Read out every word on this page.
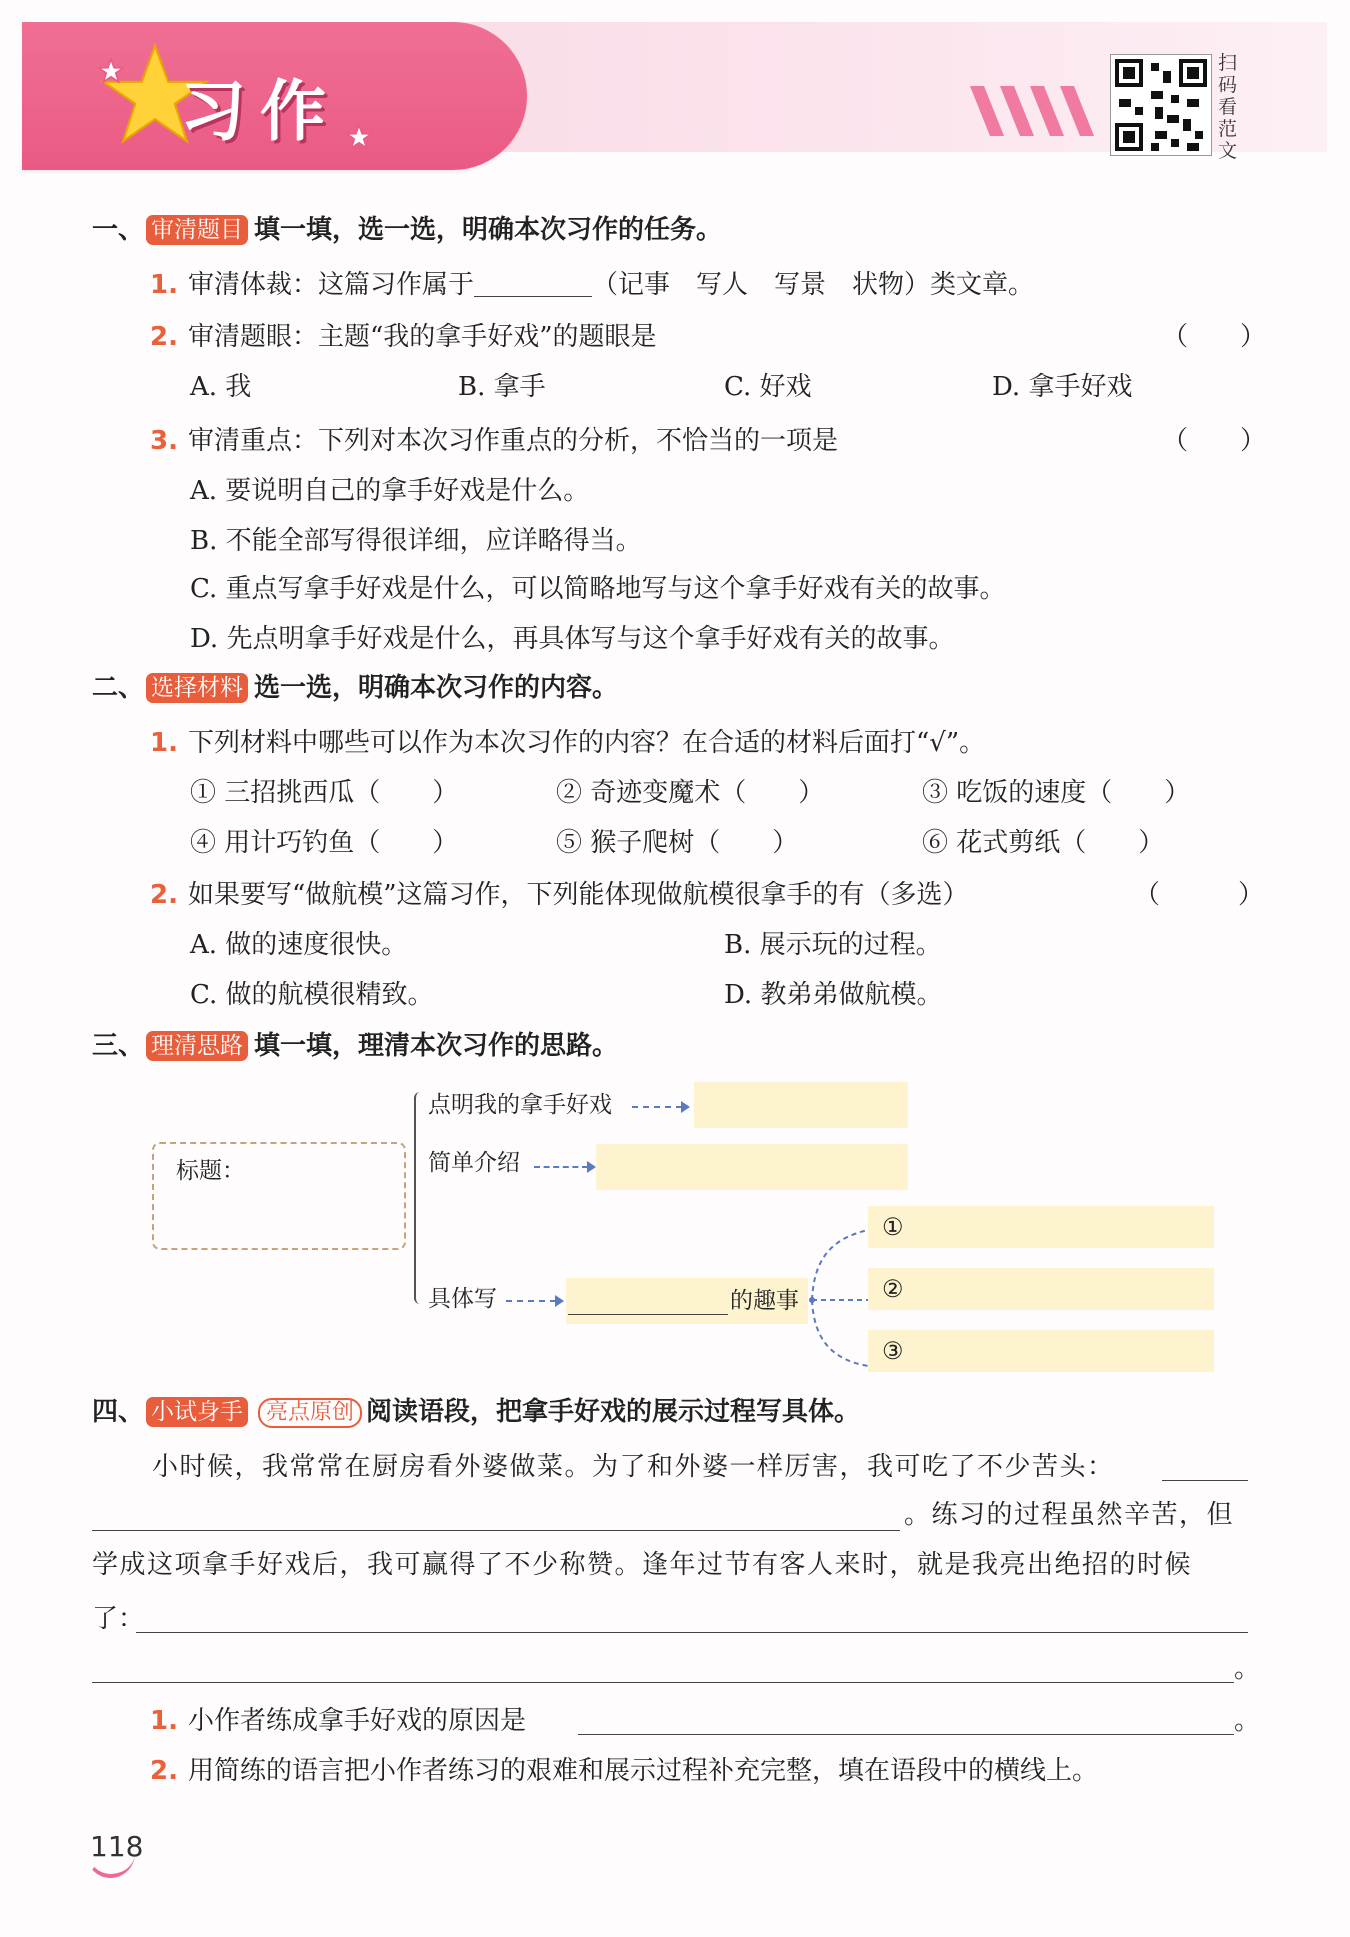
习作
扫码看范文
一、 审清题目 填一填，选一选，明确本次习作的任务。
1. 审清体裁：这篇习作属于	（记事　写人　写景　状物）类文章。
2. 审清题眼：主题“我的拿手好戏”的题眼是	（　　）
A. 我	B. 拿手	C. 好戏	D. 拿手好戏
3. 审清重点：下列对本次习作重点的分析，不恰当的一项是	（　　）
A. 要说明自己的拿手好戏是什么。
B. 不能全部写得很详细，应详略得当。
C. 重点写拿手好戏是什么，可以简略地写与这个拿手好戏有关的故事。
D. 先点明拿手好戏是什么，再具体写与这个拿手好戏有关的故事。
二、 选择材料 选一选，明确本次习作的内容。
1. 下列材料中哪些可以作为本次习作的内容？在合适的材料后面打“√”。
① 三招挑西瓜（　　）	② 奇迹变魔术（　　）	③ 吃饭的速度（　　）
④ 用计巧钓鱼（　　）	⑤ 猴子爬树（　　）	⑥ 花式剪纸（　　）
2. 如果要写“做航模”这篇习作，下列能体现做航模很拿手的有（多选）	（　　　）
A. 做的速度很快。	B. 展示玩的过程。
C. 做的航模很精致。	D. 教弟弟做航模。
三、 理清思路 填一填，理清本次习作的思路。
标题：
点明我的拿手好戏
简单介绍
具体写	的趣事
①
②
③
四、 小试身手 亮点原创 阅读语段，把拿手好戏的展示过程写具体。
小时候，我常常在厨房看外婆做菜。为了和外婆一样厉害，我可吃了不少苦头：
。练习的过程虽然辛苦，但
学成这项拿手好戏后，我可赢得了不少称赞。逢年过节有客人来时，就是我亮出绝招的时候
了：
。
1. 小作者练成拿手好戏的原因是	。
2. 用简练的语言把小作者练习的艰难和展示过程补充完整，填在语段中的横线上。
118
